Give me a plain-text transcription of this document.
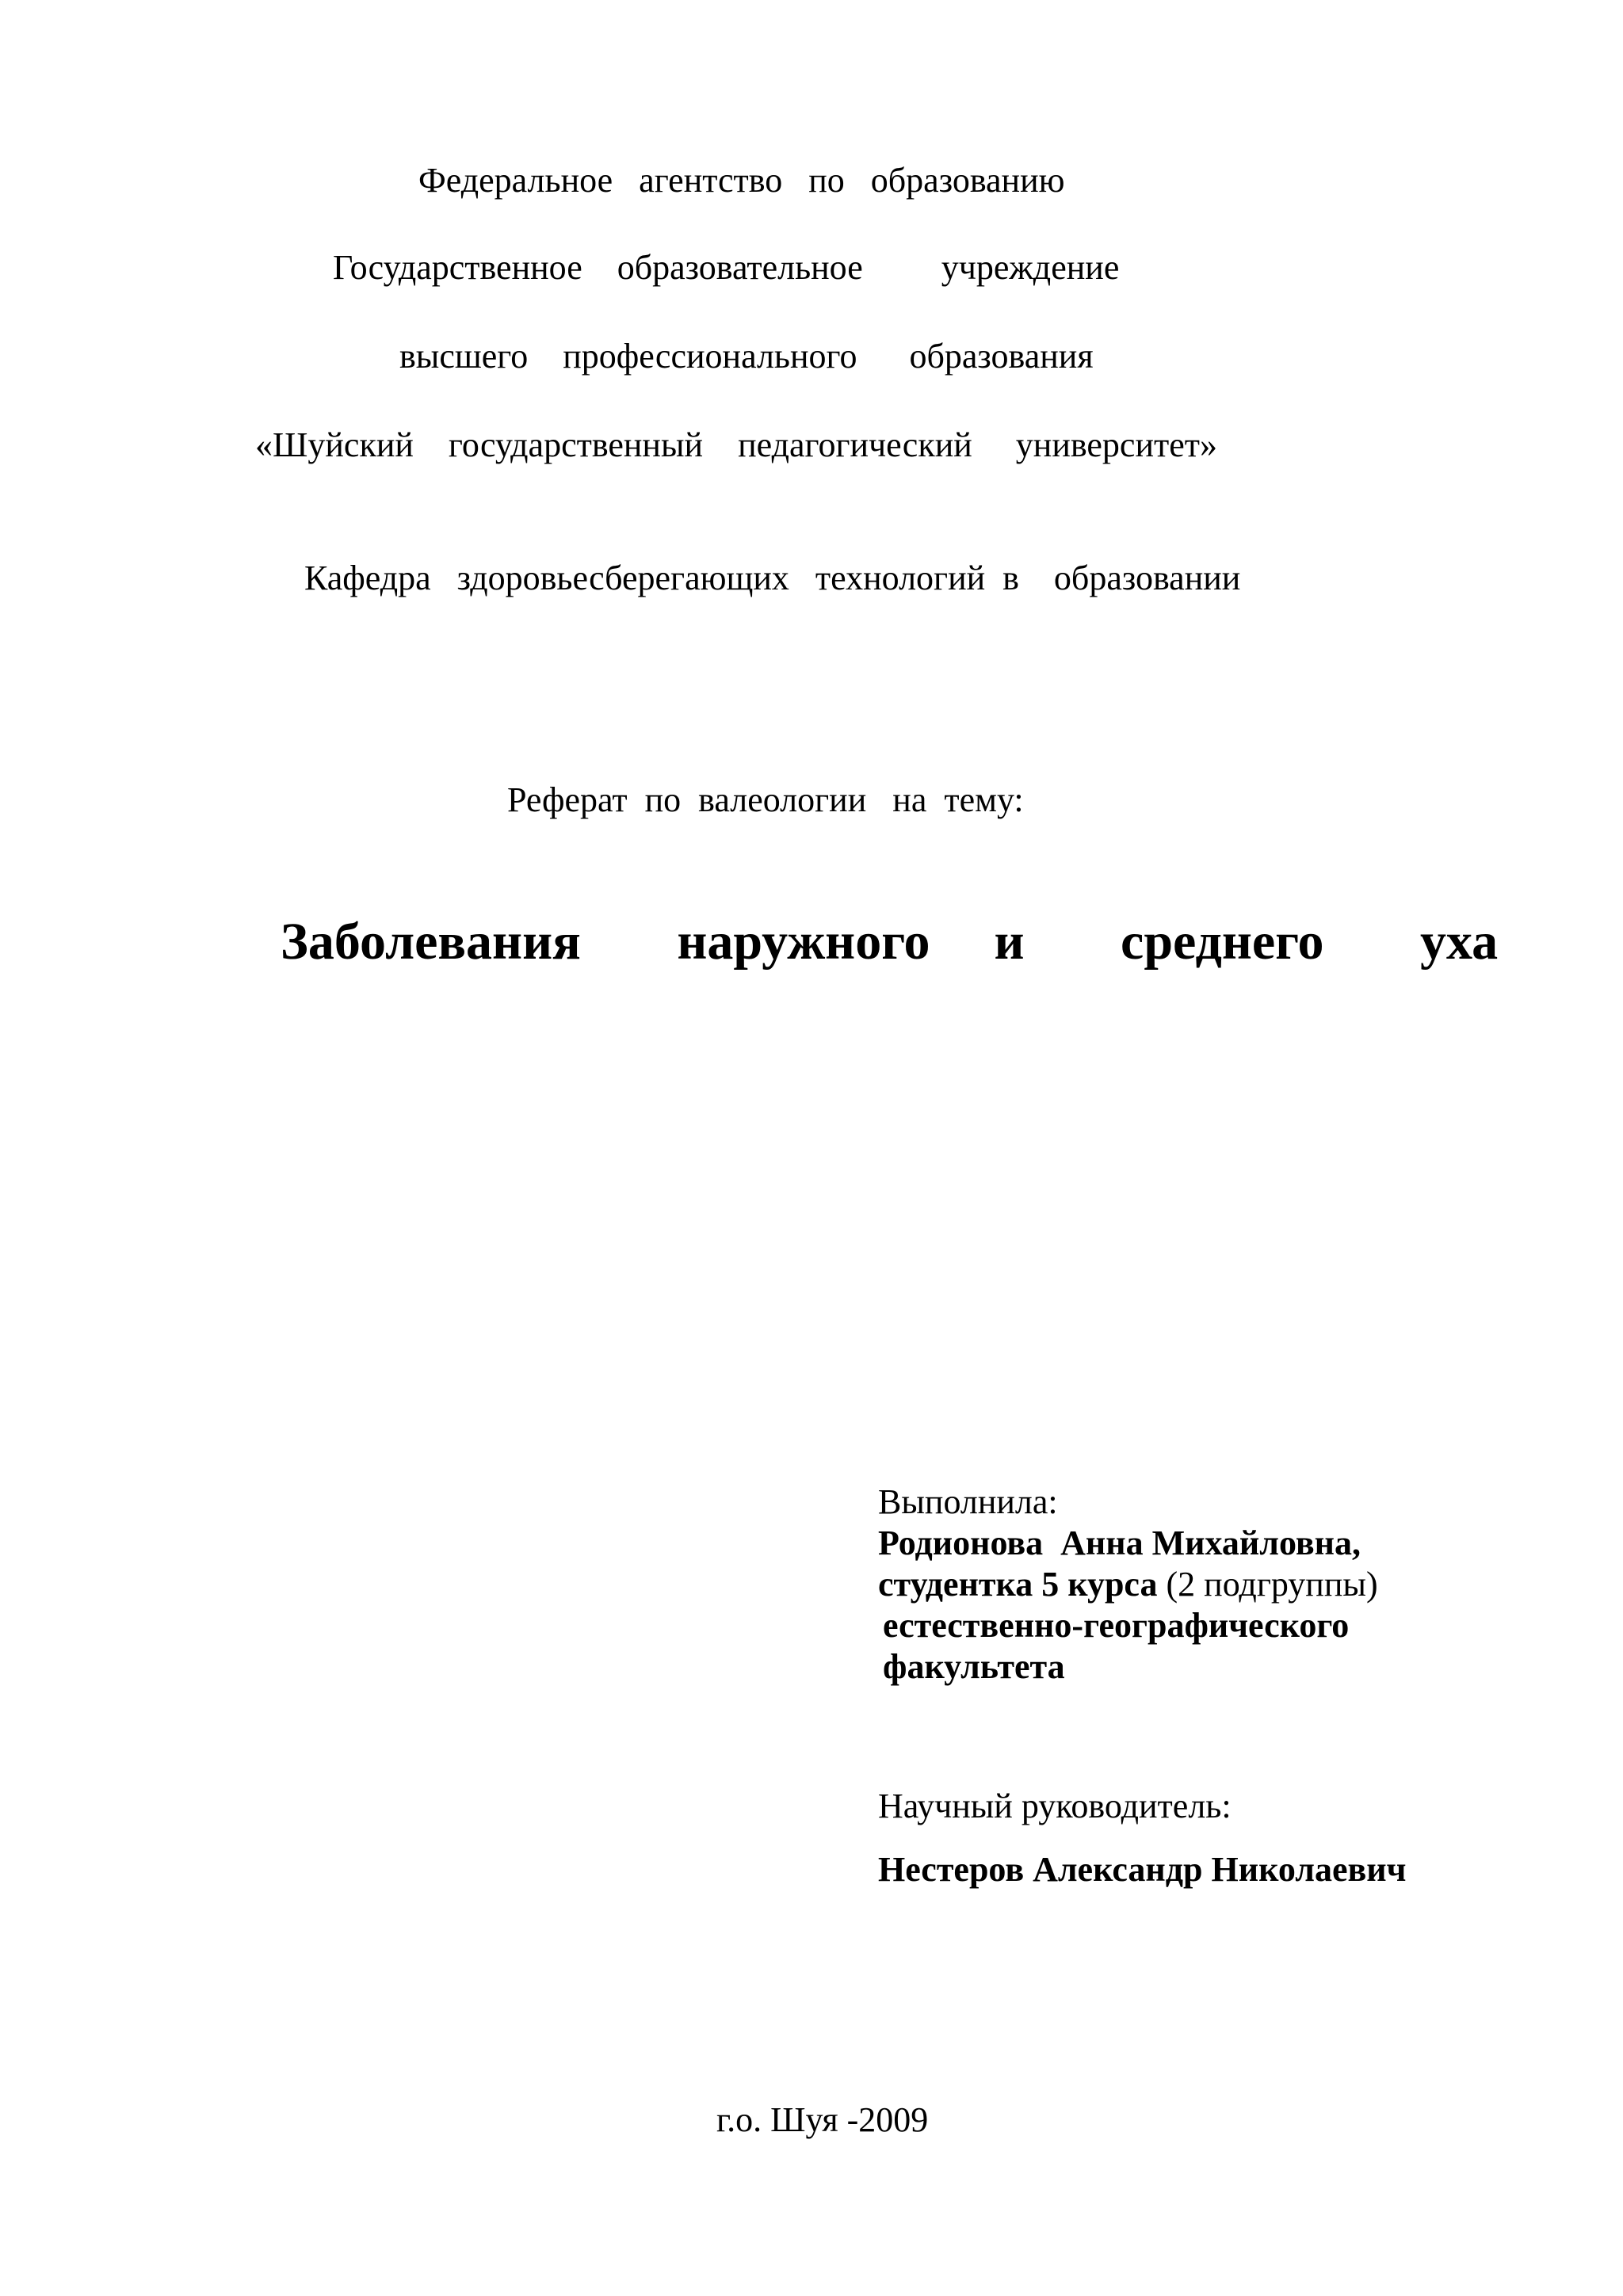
Федеральное   агентство   по   образованию
Государственное    образовательное         учреждение
высшего    профессионального      образования
«Шуйский    государственный    педагогический     университет»
Кафедра   здоровьесберегающих   технологий  в    образовании
Реферат  по  валеологии   на  тему:
Заболевания   наружного  и   среднего   уха
Выполнила:
Родионова  Анна Михайловна,
студентка 5 курса (2 подгруппы)
естественно-географического
факультета
Научный руководитель:
Нестеров Александр Николаевич
г.о. Шуя -2009
